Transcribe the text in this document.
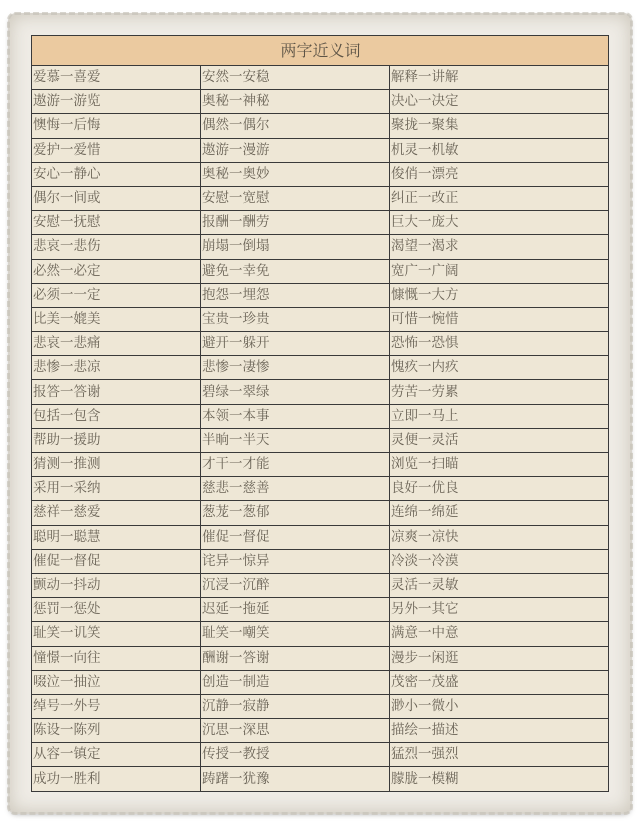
两字近义词		
爱慕一喜爱	安然一安稳	解释一讲解
遨游一游览	奥秘一神秘	决心一决定
懊悔一后悔	偶然一偶尔	聚拢一聚集
爱护一爱惜	遨游一漫游	机灵一机敏
安心一静心	奥秘一奥妙	俊俏一漂亮
偶尔一间或	安慰一宽慰	纠正一改正
安慰一抚慰	报酬一酬劳	巨大一庞大
悲哀一悲伤	崩塌一倒塌	渴望一渴求
必然一必定	避免一幸免	宽广一广阔
必须一一定	抱怨一埋怨	慷慨一大方
比美一媲美	宝贵一珍贵	可惜一惋惜
悲哀一悲痛	避开一躲开	恐怖一恐惧
悲惨一悲凉	悲惨一凄惨	愧疚一内疚
报答一答谢	碧绿一翠绿	劳苦一劳累
包括一包含	本领一本事	立即一马上
帮助一援助	半晌一半天	灵便一灵活
猜测一推测	才干一才能	浏览一扫瞄
采用一采纳	慈悲一慈善	良好一优良
慈祥一慈爱	葱茏一葱郁	连绵一绵延
聪明一聪慧	催促一督促	凉爽一凉快
催促一督促	诧异一惊异	冷淡一冷漠
颤动一抖动	沉浸一沉醉	灵活一灵敏
惩罚一惩处	迟延一拖延	另外一其它
耻笑一讥笑	耻笑一嘲笑	满意一中意
憧憬一向往	酬谢一答谢	漫步一闲逛
啜泣一抽泣	创造一制造	茂密一茂盛
绰号一外号	沉静一寂静	渺小一微小
陈设一陈列	沉思一深思	描绘一描述
从容一镇定	传授一教授	猛烈一强烈
成功一胜利	踌躇一犹豫	朦胧一模糊
